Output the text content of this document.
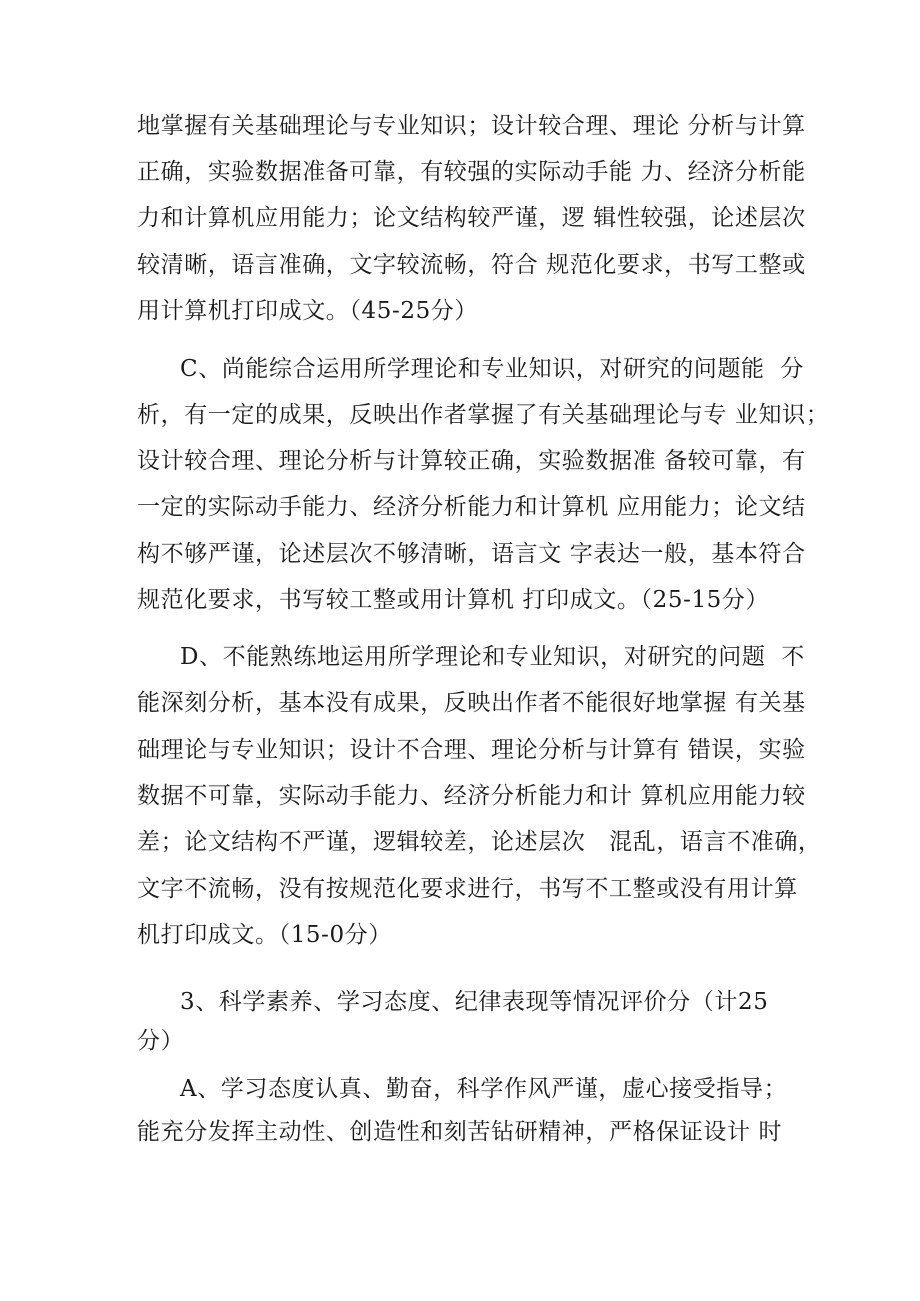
地掌握有关基础理论与专业知识；设计较合理、理论 分析与计算
正确，实验数据准备可靠，有较强的实际动手能 力、经济分析能
力和计算机应用能力；论文结构较严谨，逻 辑性较强，论述层次
较清晰，语言准确，文字较流畅，符合 规范化要求，书写工整或
用计算机打印成文。（45-25分）
C、尚能综合运用所学理论和专业知识，对研究的问题能  分
析，有一定的成果，反映出作者掌握了有关基础理论与专 业知识；
设计较合理、理论分析与计算较正确，实验数据准 备较可靠，有
一定的实际动手能力、经济分析能力和计算机 应用能力；论文结
构不够严谨，论述层次不够清晰，语言文 字表达一般，基本符合
规范化要求，书写较工整或用计算机 打印成文。（25-15分）
D、不能熟练地运用所学理论和专业知识，对研究的问题  不
能深刻分析，基本没有成果，反映出作者不能很好地掌握 有关基
础理论与专业知识；设计不合理、理论分析与计算有 错误，实验
数据不可靠，实际动手能力、经济分析能力和计 算机应用能力较
差；论文结构不严谨，逻辑较差，论述层次   混乱，语言不准确，
文字不流畅，没有按规范化要求进行，书写不工整或没有用计算
机打印成文。（15-0分）
3、科学素养、学习态度、纪律表现等情况评价分（计25
分）
A、学习态度认真、勤奋，科学作风严谨，虚心接受指导；
能充分发挥主动性、创造性和刻苦钻研精神，严格保证设计 时
